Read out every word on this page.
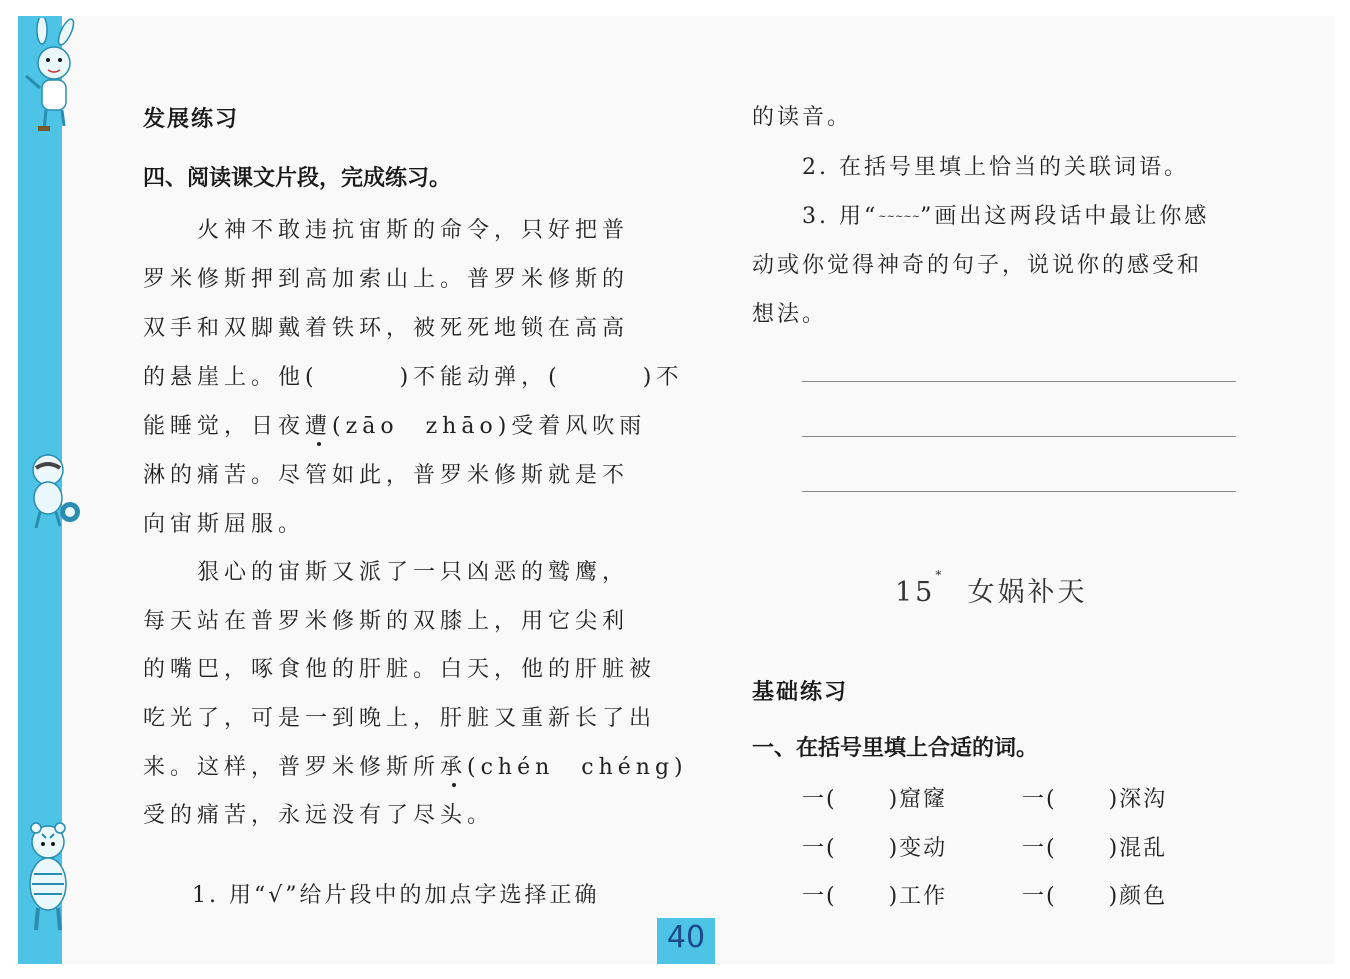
发展练习
四、阅读课文片段，完成练习。
　　火神不敢违抗宙斯的命令，只好把普
罗米修斯押到高加索山上。普罗米修斯的
双手和双脚戴着铁环，被死死地锁在高高
的悬崖上。他(　　　)不能动弹，(　　　)不
能睡觉，日夜遭(zāo　zhāo)受着风吹雨
淋的痛苦。尽管如此，普罗米修斯就是不
向宙斯屈服。
　　狠心的宙斯又派了一只凶恶的鹫鹰，
每天站在普罗米修斯的双膝上，用它尖利
的嘴巴，啄食他的肝脏。白天，他的肝脏被
吃光了，可是一到晚上，肝脏又重新长了出
来。这样，普罗米修斯所承(chén　chéng)
受的痛苦，永远没有了尽头。
1. 用“√”给片段中的加点字选择正确
的读音。
2. 在括号里填上恰当的关联词语。
3. 用“~~~~~”画出这两段话中最让你感
动或你觉得神奇的句子，说说你的感受和
想法。
15*  女娲补天
基础练习
一、在括号里填上合适的词。
一( )窟窿	一( )深沟
一( )变动	一( )混乱
一( )工作	一( )颜色
40
